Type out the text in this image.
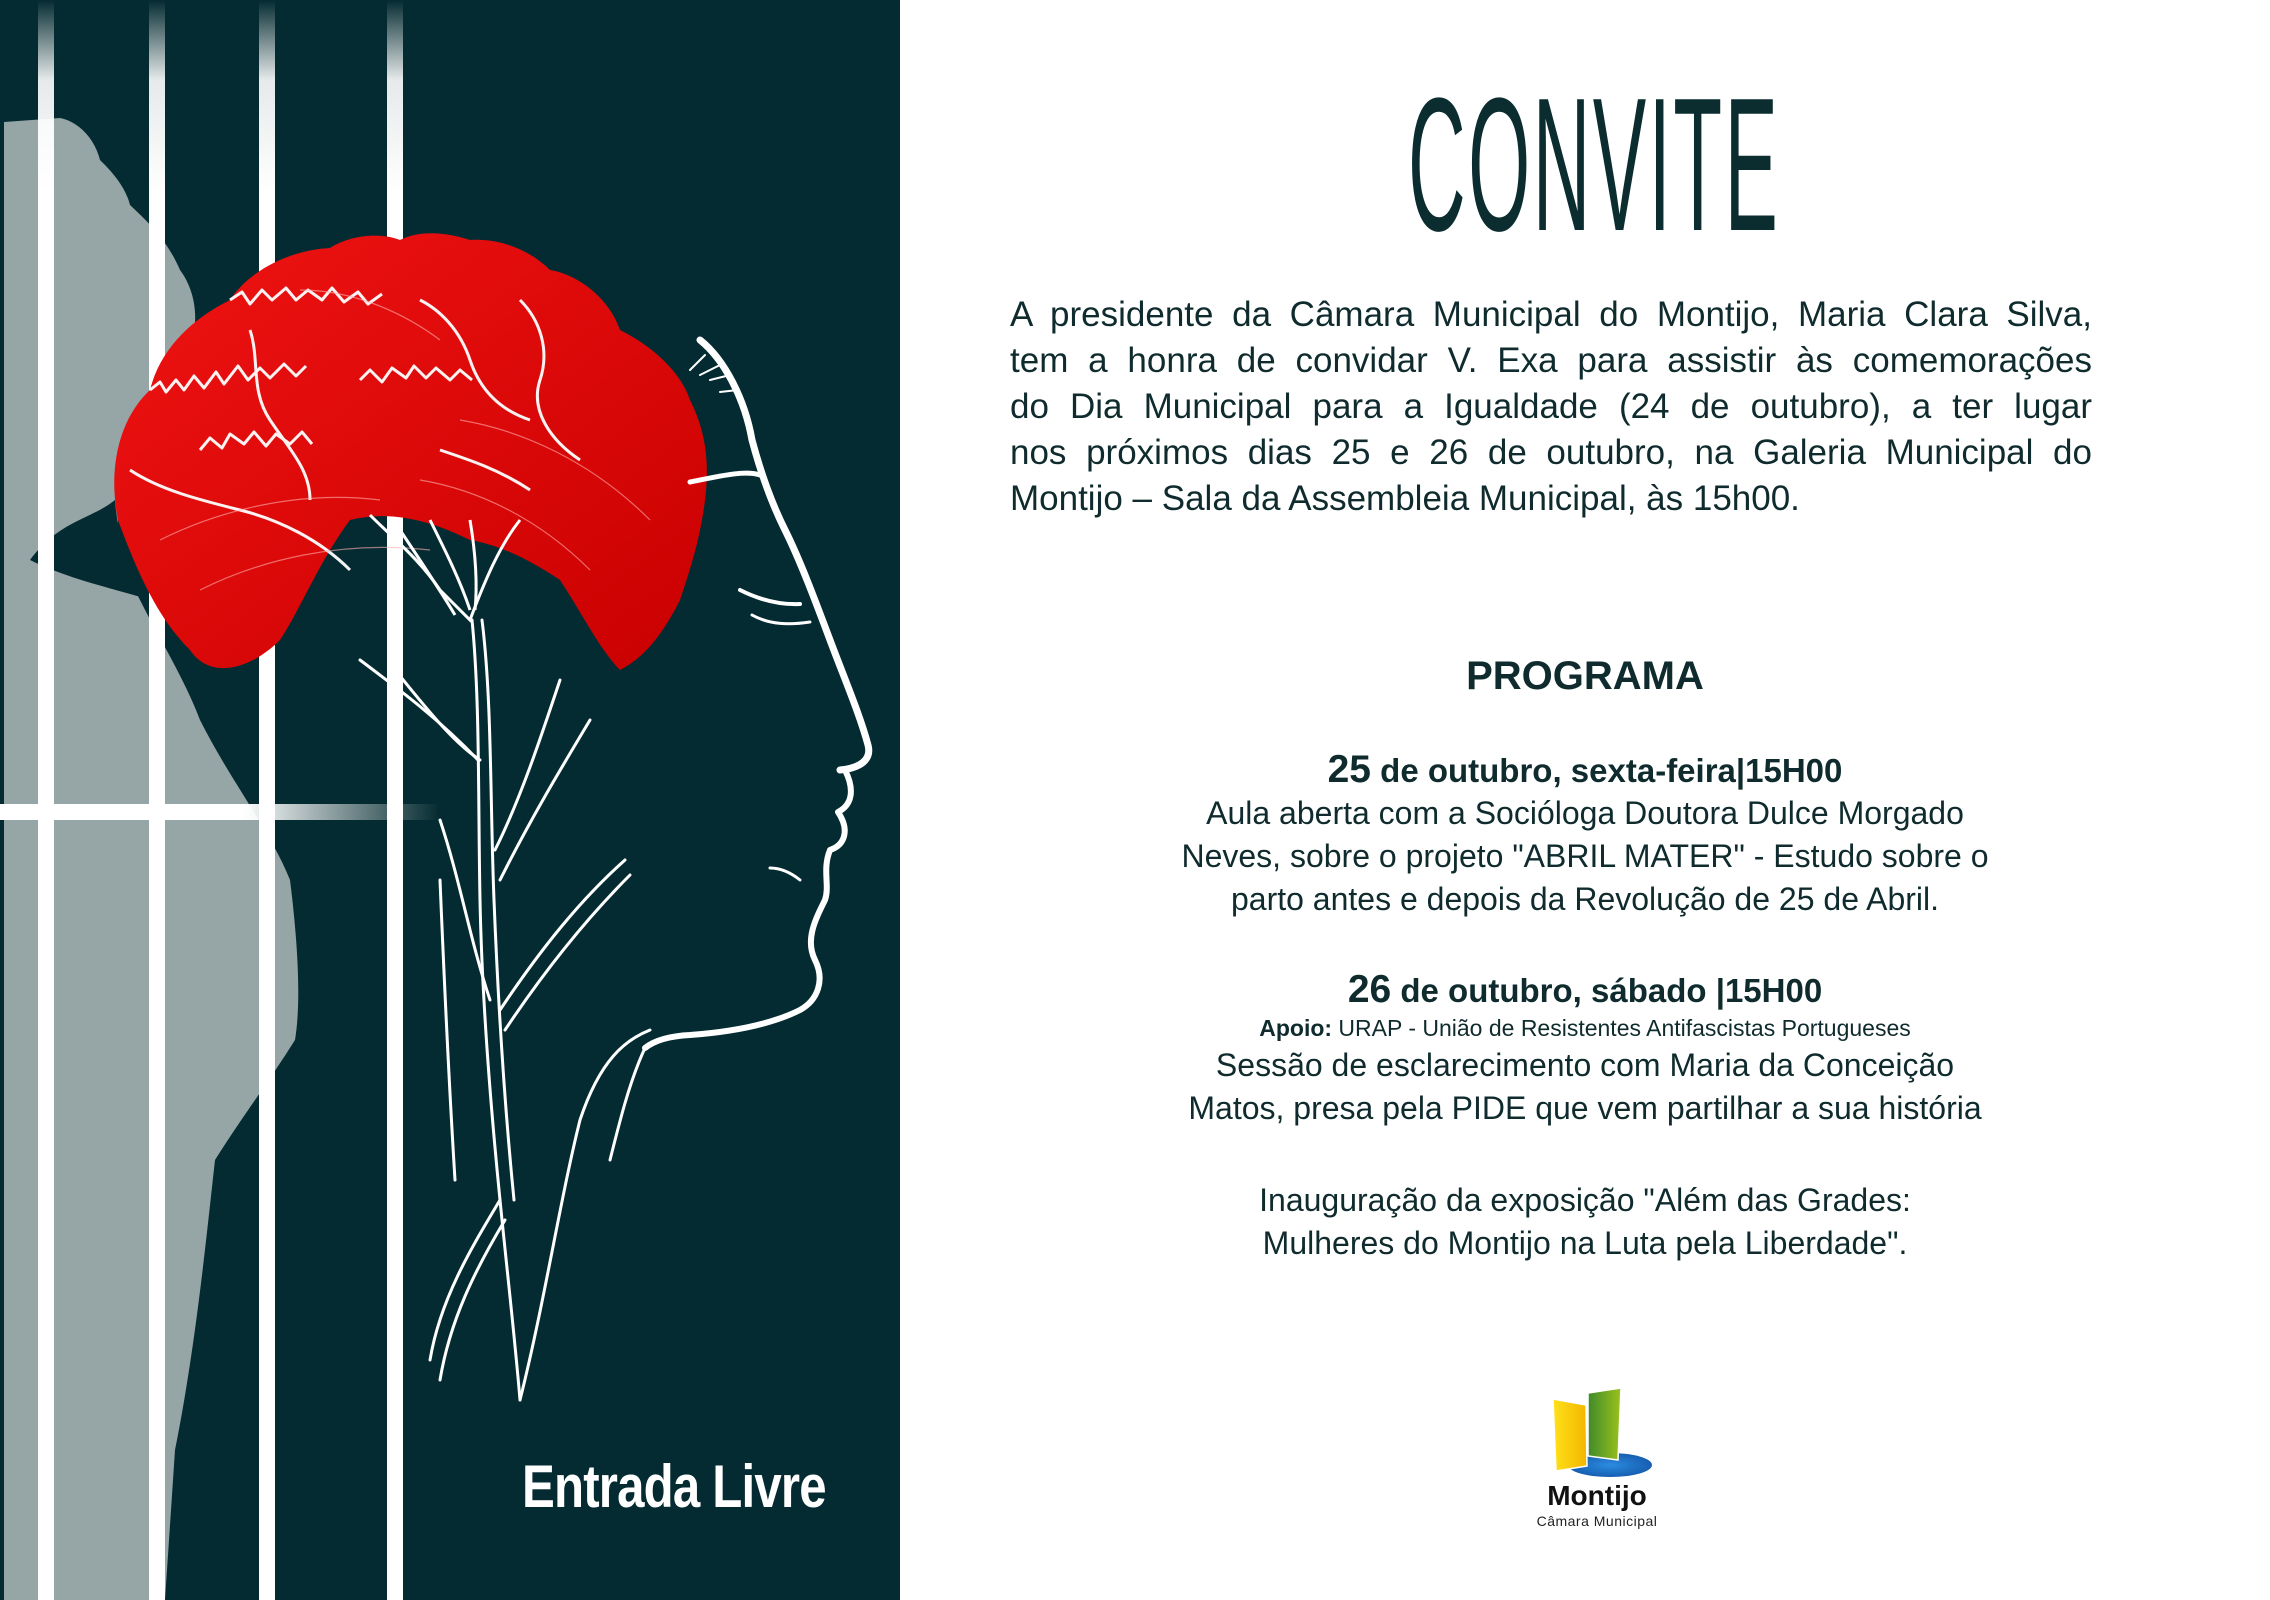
Entrada Livre
CONVITE
A presidente da Câmara Municipal do Montijo, Maria Clara Silva,
tem a honra de convidar V. Exa para assistir às comemorações
do Dia Municipal para a Igualdade (24 de outubro), a ter lugar
nos próximos dias 25 e 26 de outubro, na Galeria Municipal do
Montijo – Sala da Assembleia Municipal, às 15h00.
PROGRAMA
25 de outubro, sexta-feira|15H00
Aula aberta com a Socióloga Doutora Dulce Morgado
Neves, sobre o projeto "ABRIL MATER" - Estudo sobre o
parto antes e depois da Revolução de 25 de Abril.
26 de outubro, sábado |15H00
Apoio: URAP - União de Resistentes Antifascistas Portugueses
Sessão de esclarecimento com Maria da Conceição
Matos, presa pela PIDE que vem partilhar a sua história
Inauguração da exposição "Além das Grades:
Mulheres do Montijo na Luta pela Liberdade".
Montijo
Câmara Municipal
